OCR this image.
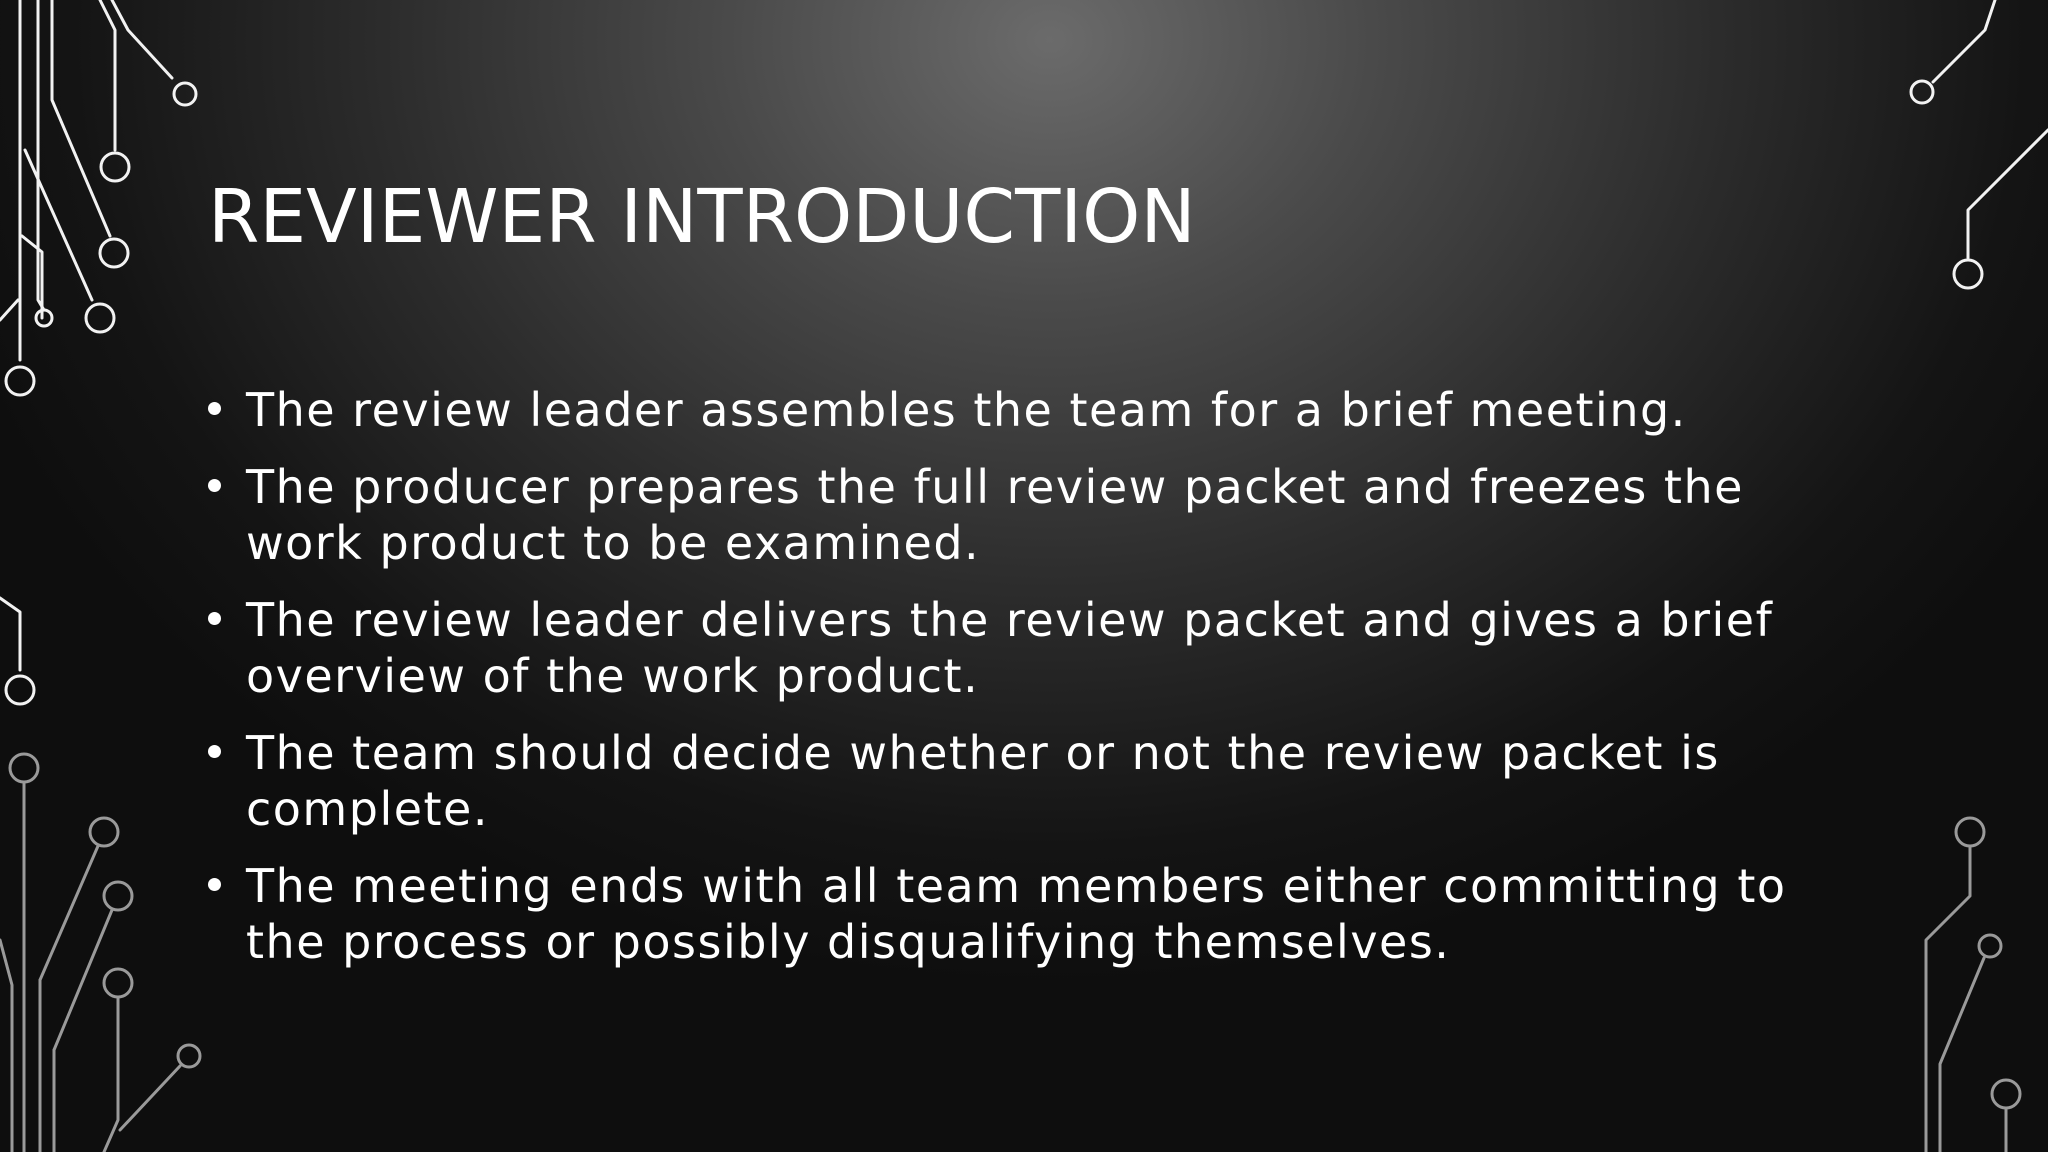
REVIEWER INTRODUCTION
The review leader assembles the team for a brief meeting.
The producer prepares the full review packet and freezes the work product to be examined.
The review leader delivers the review packet and gives a brief overview of the work product.
The team should decide whether or not the review packet is complete.
The meeting ends with all team members either committing to the process or possibly disqualifying themselves.
